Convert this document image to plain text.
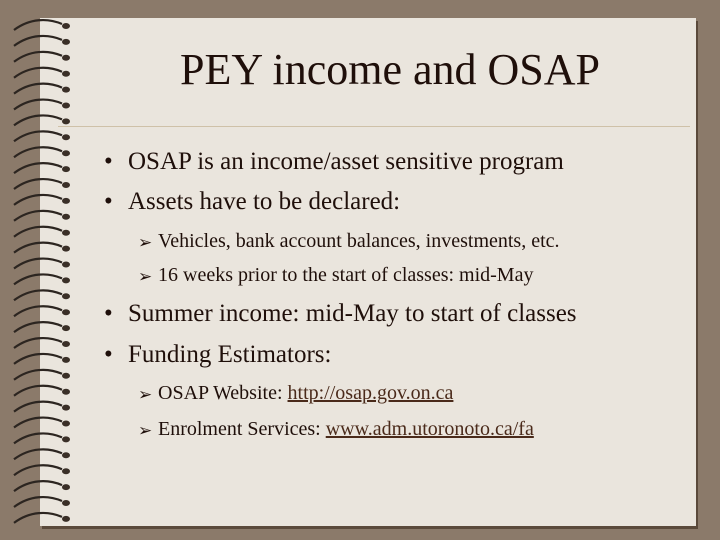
PEY income and OSAP
• OSAP is an income/asset sensitive program
• Assets have to be declared:
➢ Vehicles, bank account balances, investments, etc.
➢ 16 weeks prior to the start of classes: mid-May
• Summer income: mid-May to start of classes
• Funding Estimators:
➢ OSAP Website: http://osap.gov.on.ca
➢ Enrolment Services: www.adm.utoronoto.ca/fa
